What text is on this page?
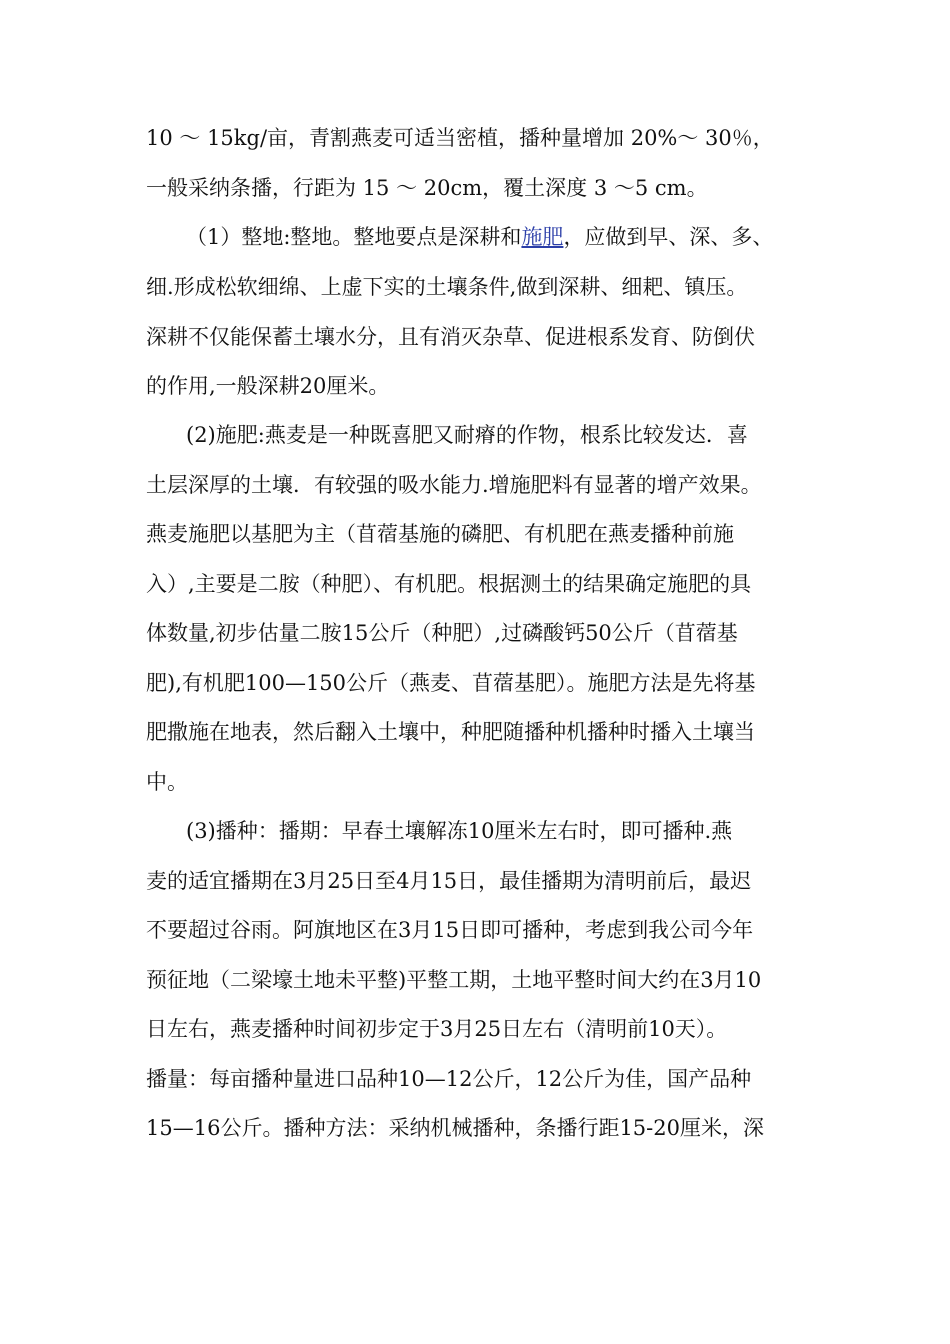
10 ～ 15kg/亩，青割燕麦可适当密植，播种量增加 20%～ 30％，
一般采纳条播，行距为 15 ～ 20cm，覆土深度 3 ～5 cm。
（1）整地:整地。整地要点是深耕和施肥，应做到早、深、多、
细.形成松软细绵、上虚下实的土壤条件,做到深耕、细耙、镇压。
深耕不仅能保蓄土壤水分，且有消灭杂草、促进根系发育、防倒伏
的作用,一般深耕20厘米。
(2)施肥:燕麦是一种既喜肥又耐瘠的作物，根系比较发达．喜
土层深厚的土壤．有较强的吸水能力.增施肥料有显著的增产效果。
燕麦施肥以基肥为主（苜蓿基施的磷肥、有机肥在燕麦播种前施
入）,主要是二胺（种肥）、有机肥。根据测土的结果确定施肥的具
体数量,初步估量二胺15公斤（种肥）,过磷酸钙50公斤（苜蓿基
肥),有机肥100—150公斤（燕麦、苜蓿基肥）。施肥方法是先将基
肥撒施在地表，然后翻入土壤中，种肥随播种机播种时播入土壤当
中。
(3)播种：播期：早春土壤解冻10厘米左右时，即可播种.燕
麦的适宜播期在3月25日至4月15日，最佳播期为清明前后，最迟
不要超过谷雨。阿旗地区在3月15日即可播种，考虑到我公司今年
预征地（二梁壕土地未平整)平整工期，土地平整时间大约在3月10
日左右，燕麦播种时间初步定于3月25日左右（清明前10天）。
播量：每亩播种量进口品种10—12公斤，12公斤为佳，国产品种
15—16公斤。播种方法：采纳机械播种，条播行距15-20厘米，深
